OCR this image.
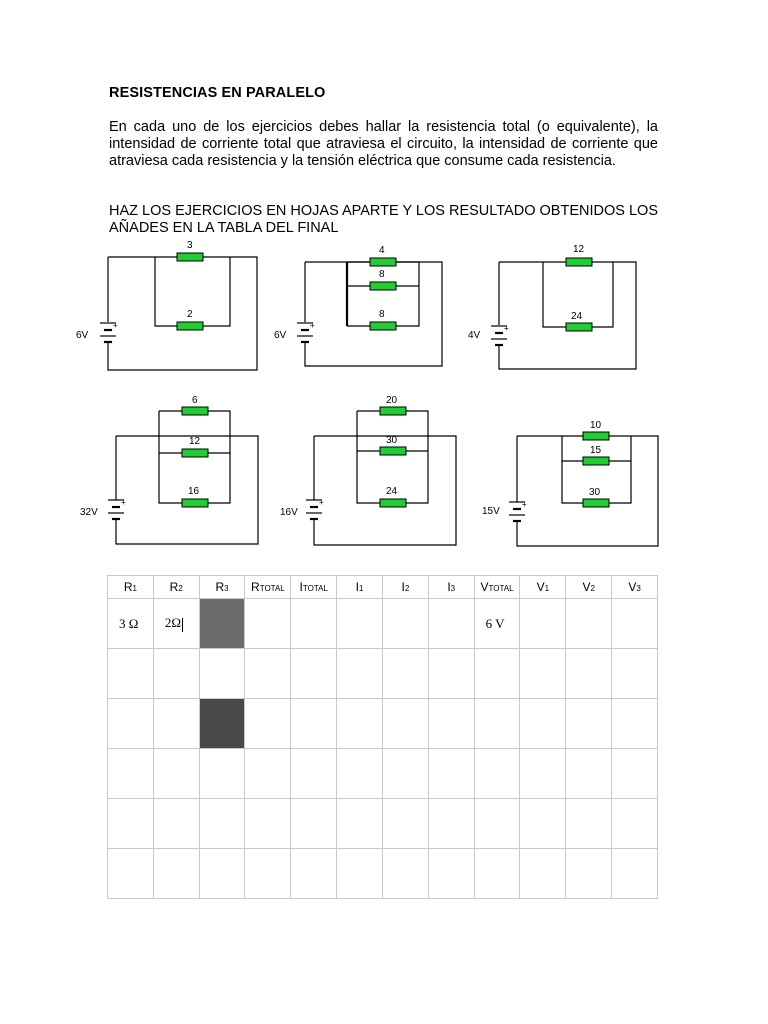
RESISTENCIAS EN PARALELO
En cada uno de los ejercicios debes hallar la resistencia total (o equivalente), la intensidad de corriente total que atraviesa el circuito, la intensidad de corriente que atraviesa cada resistencia y la tensión eléctrica que consume cada resistencia.
HAZ LOS EJERCICIOS EN HOJAS APARTE Y LOS RESULTADO OBTENIDOS LOS AÑADES EN LA TABLA DEL FINAL
+
6V
3
2
+
6V
4
8
8
+
4V
12
24
+
32V
6
12
16
+
16V
20
30
24
+
15V
10
15
30
R1	R2	R3	RTOTAL	ITOTAL	I1	I2	I3	VTOTAL	V1	V2	V3
3 Ω	2Ω							6 V			
